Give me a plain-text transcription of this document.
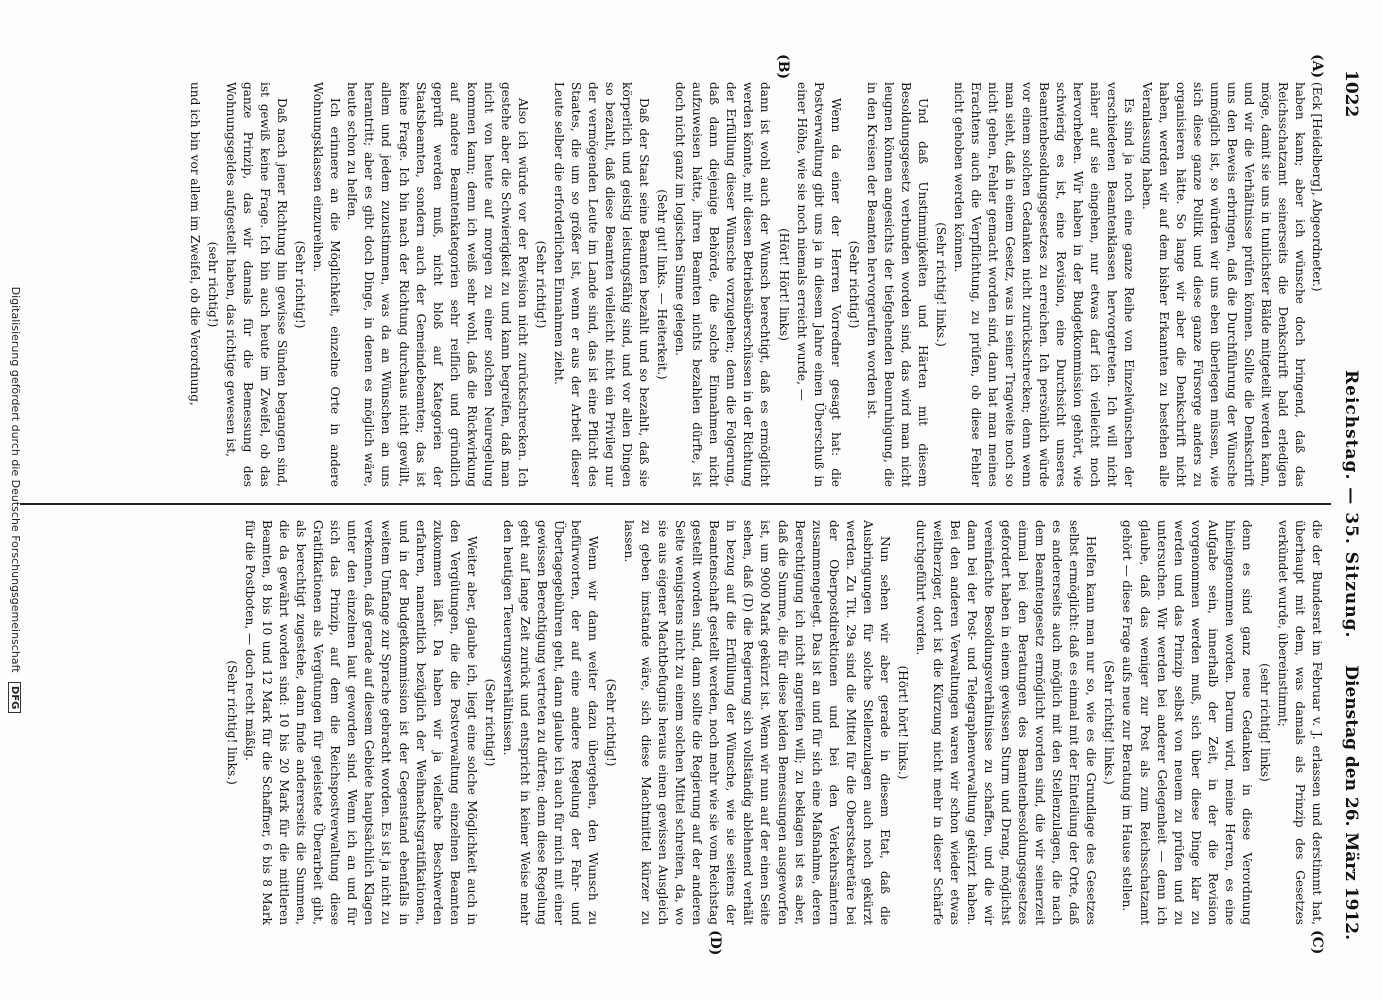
1022
Reichstag. — 35. Sitzung.
Dienstag den 26. März 1912.
(A)
(B)
(C)
(D)

(Eck [Heidelberg], Abgeordneter.)

haben kann; aber ich wünsche doch bringend, daß das Reichsschatzamt seinerseits die Denkschrift bald erledigen möge, damit sie uns in tunlichster Bälde mitgeteilt werden kann, und wir die Verhältnisse prüfen können. Sollte die Denkschrift uns den Beweis erbringen, daß die Durchführung der Wünsche unmöglich ist, so würden wir uns eben überlegen müssen, wie sich diese ganze Politik und diese ganze Fürsorge anders zu organisieren hätte. So lange wir aber die Denkschrift nicht haben, werden wir auf dem bisher Erkannten zu bestehen alle Veranlassung haben.

Es sind ja noch eine ganze Reihe von Einzelwünschen der verschiedenen Beamtenklassen hervorgetreten. Ich will nicht näher auf sie eingehen, nur etwas darf ich vielleicht noch hervorheben. Wir haben in der Budgetkommission gehört, wie schwierig es ist, eine Revision, eine Durchsicht unseres Beamtenbesoldungsgesetzes zu erreichen. Ich persönlich würde vor einem solchen Gedanken nicht zurückschrecken; denn wenn man sieht, daß in einem Gesetz, was in seiner Tragweite noch so nicht gehen, Fehler gemacht worden sind, dann hat man meines Erachtens auch die Verpflichtung, zu prüfen, ob diese Fehler nicht gehoben werden können.

(Sehr richtig! links.)

Und daß Unstimmigkeiten und Härten mit diesem Besoldungsgesetz verbunden worden sind, das wird man nicht leugnen können angesichts der tiefgehenden Beunruhigung, die in den Kreisen der Beamten hervorgerufen worden ist.

(Sehr richtig!)

Wenn da einer der Herren Vorredner gesagt hat: die Postverwaltung gibt uns ja in diesem Jahre einen Überschuß in einer Höhe, wie sie noch niemals erreicht wurde, —

(Hört! Hört! links)

dann ist wohl auch der Wunsch berechtigt, daß es ermöglicht werden könnte, mit diesen Betriebsüberschüssen in der Richtung der Erfüllung dieser Wünsche vorzugehen; denn die Folgerung, daß dann diejenige Behörde, die solche Einnahmen nicht aufzuweisen hätte, ihren Beamten nichts bezahlen dürfte, ist doch nicht ganz im logischen Sinne gelegen.

(Sehr gut! links. — Heiterkeit.)

Daß der Staat seine Beamten bezahlt und so bezahlt, daß sie körperlich und geistig leistungsfähig sind, und vor allen Dingen so bezahlt, daß diese Beamten vielleicht nicht ein Privileg nur der vermögenden Leute im Lande sind, das ist eine Pflicht des Staates, die um so größer ist, wenn er aus der Arbeit dieser Leute selber die erforderlichen Einnahmen zieht.

(Sehr richtig!)

Also ich würde vor der Revision nicht zurückschrecken. Ich gestehe aber die Schwierigkeit zu und kann begreifen, daß man nicht von heute auf morgen zu einer solchen Neuregelung kommen kann; denn ich weiß sehr wohl, daß die Rückwirkung auf andere Beamtenkategorien sehr reiflich und gründlich geprüft werden muß, nicht bloß auf Kategorien der Staatsbeamten, sondern auch der Gemeindebeamten; das ist keine Frage. Ich bin nach der Richtung durchaus nicht gewillt, allem und jedem zuzustimmen, was da an Wünschen an uns herantritt; aber es gibt doch Dinge, in denen es möglich wäre, heute schon zu helfen.

Ich erinnere an die Möglichkeit, einzelne Orte in andere Wohnungsklassen einzureihen.

(Sehr richtig!)

Daß nach jener Richtung hin gewisse Sünden begangen sind, ist gewiß keine Frage. Ich bin auch heute im Zweifel, ob das ganze Prinzip, das wir damals für die Bemessung des Wohnungsgeldes aufgestellt haben, das richtige gewesen ist,

(sehr richtig!)

und ich bin vor allem im Zweifel, ob die Verordnung,

die der Bundesrat im Februar v. J. erlassen und derstimmt hat, überhaupt mit dem, was damals als Prinzip des Gesetzes verkündet wurde, übereinstimmt;

(sehr richtig! links)

denn es sind ganz neue Gedanken in diese Verordnung hineingenommen worden. Darum wird, meine Herren, es eine Aufgabe sein, innerhalb der Zeit, in der die Revision vorgenommen werden muß, sich über diese Dinge klar zu werden und das Prinzip selbst von neuem zu prüfen und zu untersuchen. Wir werden bei anderer Gelegenheit — denn ich glaube, daß das weniger zur Post als zum Reichsschatzamt gehört — diese Frage aufs neue zur Beratung im Hause stellen.

(Sehr richtig! links.)

Helfen kann man nur so, wie es die Grundlage des Gesetzes selbst ermöglicht: daß es einmal mit der Einteilung der Orte, daß es andererseits auch möglich mit den Stellenzulagen, die nach dem Beamtengesetz ermöglicht worden sind, die wir seinerzeit einmal bei den Beratungen des Beamtenbesoldungsgesetzes gefordert haben in einem gewissen Sturm und Drang, möglichst vereinfachte Besoldungsverhältnisse zu schaffen, und die wir dann bei der Post- und Telegraphenverwaltung gekürzt haben. Bei den anderen Verwaltungen waren wir schon wieder etwas weitherziger, dort ist die Kürzung nicht mehr in dieser Schärfe durchgeführt worden.

(Hört! hört! links.)

Nun sehen wir aber gerade in diesem Etat, daß die Ausbringungen für solche Stellenzulagen auch noch gekürzt werden. Zu Tit. 29a sind die Mittel für die Oberstsekretäre bei der Oberpostdirektionen und bei den Verkehrsämtern zusammengelegt. Das ist an und für sich eine Maßnahme, deren Berechtigung ich nicht angreifen will; zu beklagen ist es aber, daß die Summe, die für diese beiden Bemessungen ausgeworfen ist, um 9000 Mark gekürzt ist. Wenn wir nun auf der einen Seite sehen, daß (D) die Regierung sich vollständig ablehnend verhält in bezug auf die Erfüllung der Wünsche, wie sie seitens der Beamtenschaft gestellt werden, noch mehr wie sie vom Reichstag gestellt worden sind, dann sollte die Regierung auf der anderen Seite wenigstens nicht zu einem solchen Mittel schreiten, da, wo sie aus eigener Machtbefugnis heraus einen gewissen Ausgleich zu geben imstande wäre, sich diese Machtmittel kürzer zu lassen.

(Sehr richtig!)

Wenn wir dann weiter dazu übergehen, den Wunsch zu befürworten, der auf eine andere Regelung der Fahr- und Übertagegebühren geht, dann glaube ich auch für mich mit einer gewissen Berechtigung vertreten zu dürfen; denn diese Regelung geht auf lange Zeit zurück und entspricht in keiner Weise mehr den heutigen Teuerungsverhältnissen.

(Sehr richtig!)

Weiter aber, glaube ich, liegt eine solche Möglichkeit auch in den Vergütungen, die die Postverwaltung einzelnen Beamten zukommen läßt. Da haben wir ja vielfache Beschwerden erfahren, namentlich bezüglich der Weihnachtsgratifikationen, und in der Budgetkommission ist der Gegenstand ebenfalls in weitem Umfange zur Sprache gebracht worden. Es ist ja nicht zu verkennen, daß gerade auf diesem Gebiete hauptsächlich Klagen unter den einzelnen laut geworden sind. Wenn ich an und für sich das Prinzip, auf dem die Reichspostverwaltung diese Gratifikationen als Vergütungen für geleistete Überarbeit gibt, als berechtigt zugestehe, dann finde andererseits die Summen, die da gewährt worden sind: 10 bis 20 Mark für die mittleren Beamten, 8 bis 10 und 12 Mark für die Schaffner, 6 bis 8 Mark für die Postboten, — doch recht mäßig.

(Sehr richtig! links.)

Digitalisierung gefördert durch die Deutsche Forschungsgemeinschaft DFG
